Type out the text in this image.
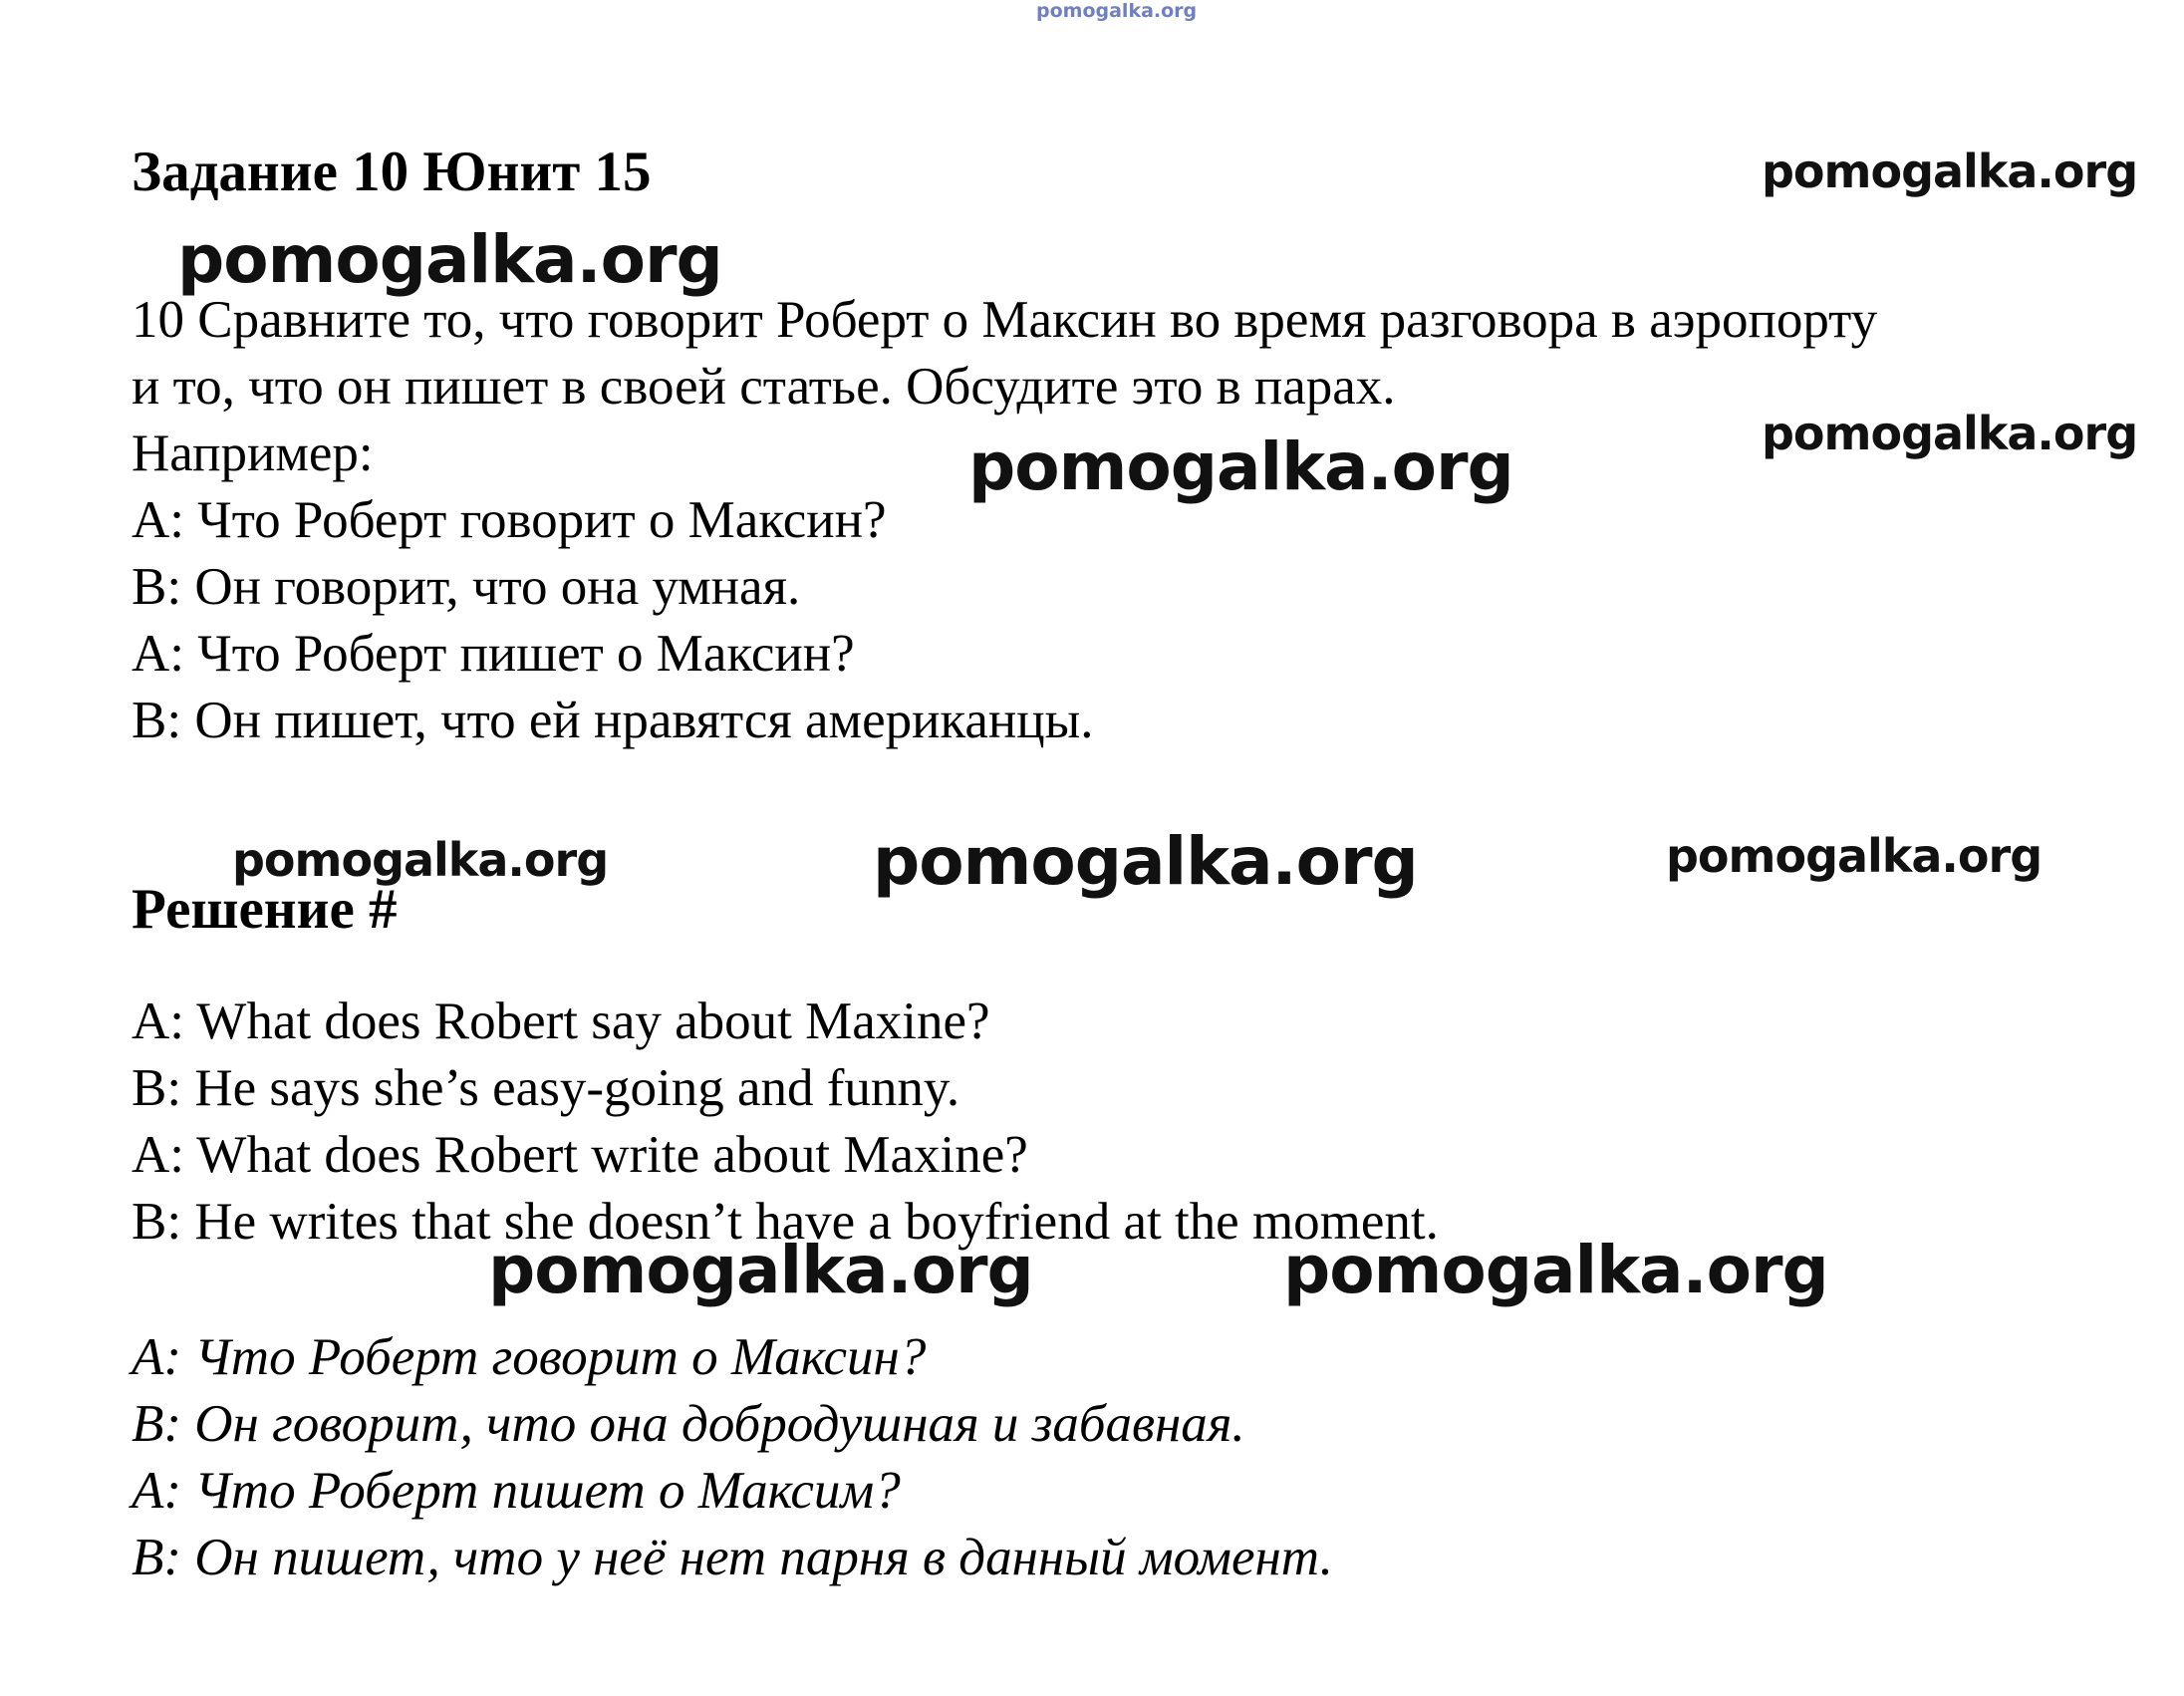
pomogalka.org
Задание 10 Юнит 15	pomogalka.org
pomogalka.org
10 Сравните то, что говорит Роберт о Максин во время разговора в аэропорту
и то, что он пишет в своей статье. Обсудите это в парах.
pomogalka.org
Например:	pomogalka.org
A: Что Роберт говорит о Максин?
B: Он говорит, что она умная.
A: Что Роберт пишет о Максин?
B: Он пишет, что ей нравятся американцы.
pomogalka.org	pomogalka.org	pomogalka.org
Решение #
A: What does Robert say about Maxine?
B: He says she’s easy-going and funny.
A: What does Robert write about Maxine?
B: He writes that she doesn’t have a boyfriend at the moment.
pomogalka.org	pomogalka.org
A: Что Роберт говорит о Максин?
B: Он говорит, что она добродушная и забавная.
A: Что Роберт пишет о Максим?
B: Он пишет, что у неё нет парня в данный момент.
